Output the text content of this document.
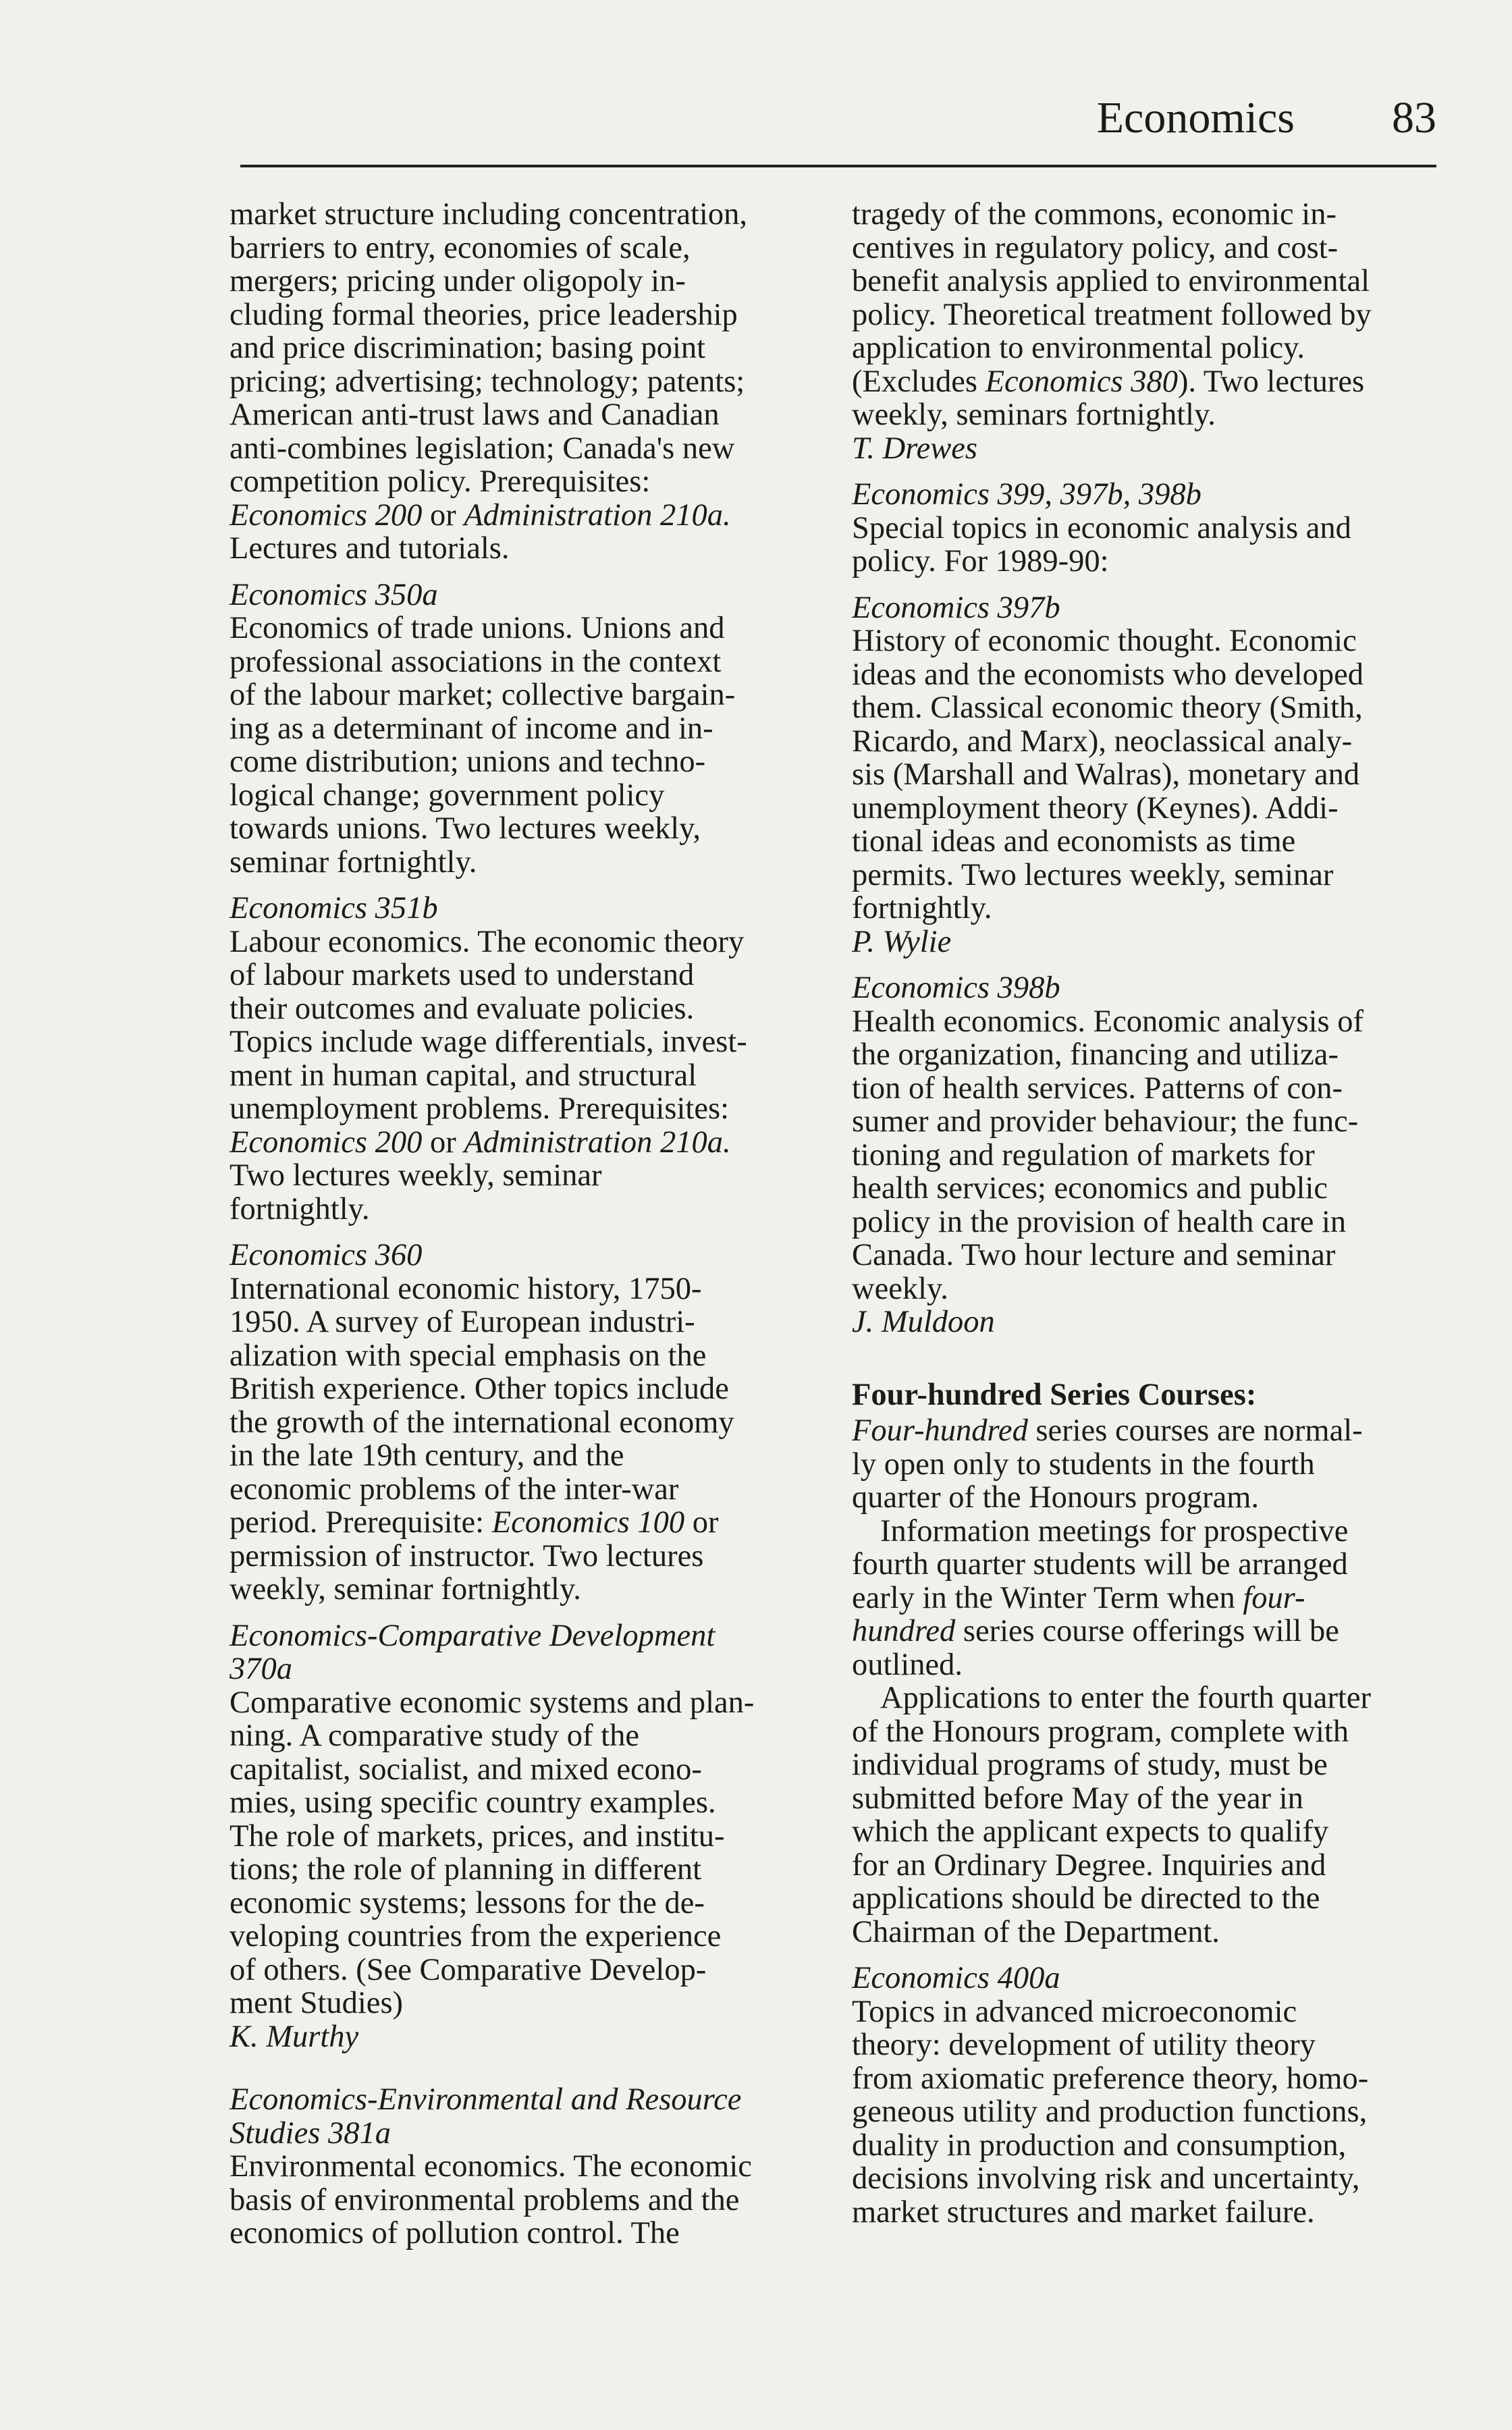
Economics 83
market structure including concentration,
barriers to entry, economies of scale,
mergers; pricing under oligopoly in-
cluding formal theories, price leadership
and price discrimination; basing point
pricing; advertising; technology; patents;
American anti-trust laws and Canadian
anti-combines legislation; Canada's new
competition policy. Prerequisites:
Economics 200 or Administration 210a.
Lectures and tutorials.
Economics 350a
Economics of trade unions. Unions and
professional associations in the context
of the labour market; collective bargain-
ing as a determinant of income and in-
come distribution; unions and techno-
logical change; government policy
towards unions. Two lectures weekly,
seminar fortnightly.
Economics 351b
Labour economics. The economic theory
of labour markets used to understand
their outcomes and evaluate policies.
Topics include wage differentials, invest-
ment in human capital, and structural
unemployment problems. Prerequisites:
Economics 200 or Administration 210a.
Two lectures weekly, seminar
fortnightly.
Economics 360
International economic history, 1750-
1950. A survey of European industri-
alization with special emphasis on the
British experience. Other topics include
the growth of the international economy
in the late 19th century, and the
economic problems of the inter-war
period. Prerequisite: Economics 100 or
permission of instructor. Two lectures
weekly, seminar fortnightly.
Economics-Comparative Development
370a
Comparative economic systems and plan-
ning. A comparative study of the
capitalist, socialist, and mixed econo-
mies, using specific country examples.
The role of markets, prices, and institu-
tions; the role of planning in different
economic systems; lessons for the de-
veloping countries from the experience
of others. (See Comparative Develop-
ment Studies)
K. Murthy
Economics-Environmental and Resource
Studies 381a
Environmental economics. The economic
basis of environmental problems and the
economics of pollution control. The
tragedy of the commons, economic in-
centives in regulatory policy, and cost-
benefit analysis applied to environmental
policy. Theoretical treatment followed by
application to environmental policy.
(Excludes Economics 380). Two lectures
weekly, seminars fortnightly.
T. Drewes
Economics 399, 397b, 398b
Special topics in economic analysis and
policy. For 1989-90:
Economics 397b
History of economic thought. Economic
ideas and the economists who developed
them. Classical economic theory (Smith,
Ricardo, and Marx), neoclassical analy-
sis (Marshall and Walras), monetary and
unemployment theory (Keynes). Addi-
tional ideas and economists as time
permits. Two lectures weekly, seminar
fortnightly.
P. Wylie
Economics 398b
Health economics. Economic analysis of
the organization, financing and utiliza-
tion of health services. Patterns of con-
sumer and provider behaviour; the func-
tioning and regulation of markets for
health services; economics and public
policy in the provision of health care in
Canada. Two hour lecture and seminar
weekly.
J. Muldoon
Four-hundred Series Courses:
Four-hundred series courses are normal-
ly open only to students in the fourth
quarter of the Honours program.
Information meetings for prospective
fourth quarter students will be arranged
early in the Winter Term when four-
hundred series course offerings will be
outlined.
Applications to enter the fourth quarter
of the Honours program, complete with
individual programs of study, must be
submitted before May of the year in
which the applicant expects to qualify
for an Ordinary Degree. Inquiries and
applications should be directed to the
Chairman of the Department.
Economics 400a
Topics in advanced microeconomic
theory: development of utility theory
from axiomatic preference theory, homo-
geneous utility and production functions,
duality in production and consumption,
decisions involving risk and uncertainty,
market structures and market failure.
